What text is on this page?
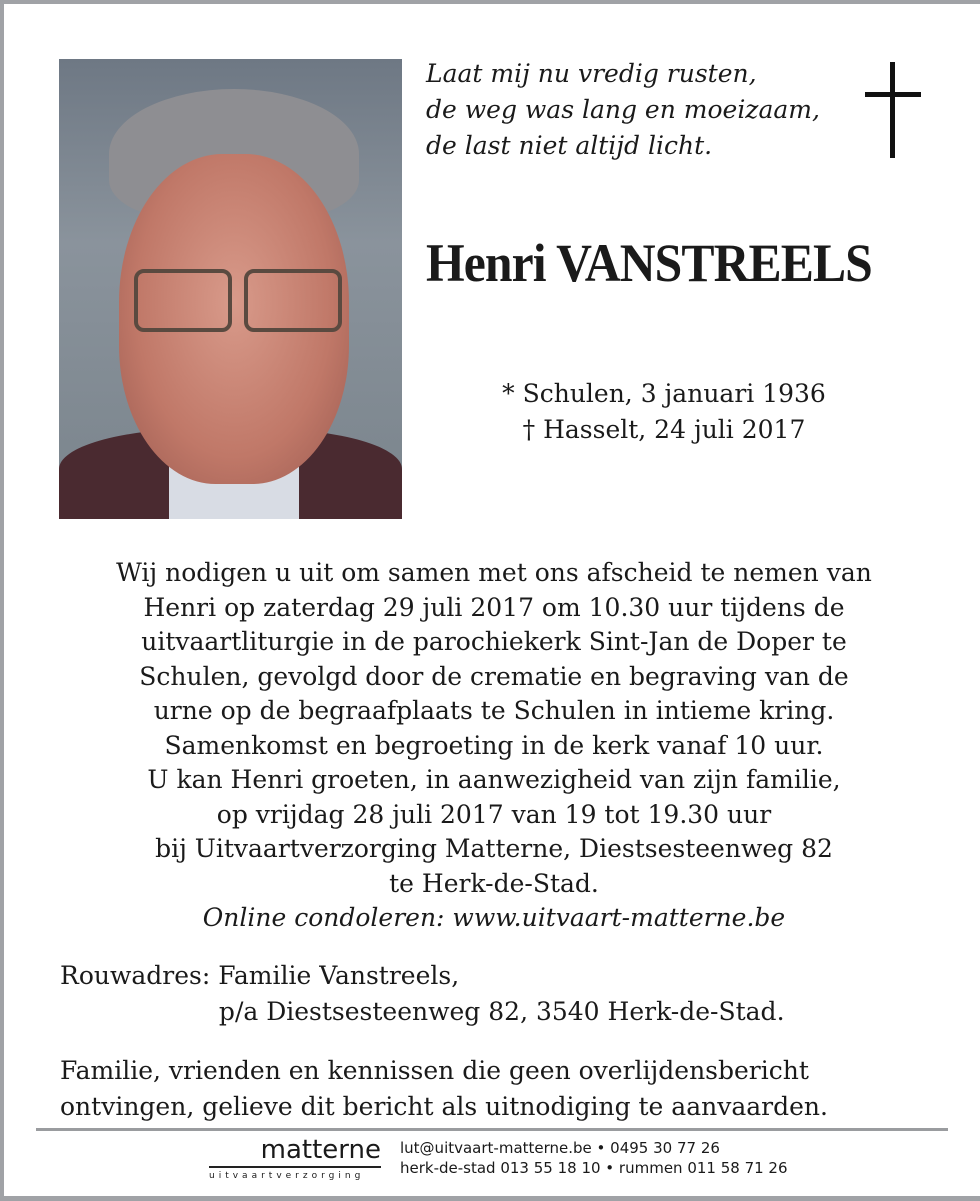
Laat mij nu vredig rusten,
de weg was lang en moeizaam,
de last niet altijd licht.
Henri VANSTREELS
* Schulen, 3 januari 1936
† Hasselt, 24 juli 2017
Wij nodigen u uit om samen met ons afscheid te nemen van
Henri op zaterdag 29 juli 2017 om 10.30 uur tijdens de
uitvaartliturgie in de parochiekerk Sint-Jan de Doper te
Schulen, gevolgd door de crematie en begraving van de
urne op de begraafplaats te Schulen in intieme kring.
Samenkomst en begroeting in de kerk vanaf 10 uur.
U kan Henri groeten, in aanwezigheid van zijn familie,
op vrijdag 28 juli 2017 van 19 tot 19.30 uur
bij Uitvaartverzorging Matterne, Diestsesteenweg 82
te Herk-de-Stad.
Online condoleren: www.uitvaart-matterne.be
Rouwadres: Familie Vanstreels,
p/a Diestsesteenweg 82, 3540 Herk-de-Stad.
Familie, vrienden en kennissen die geen overlijdensbericht
ontvingen, gelieve dit bericht als uitnodiging te aanvaarden.
matterne
uitvaartverzorging
lut@uitvaart-matterne.be • 0495 30 77 26
herk-de-stad 013 55 18 10 • rummen 011 58 71 26
